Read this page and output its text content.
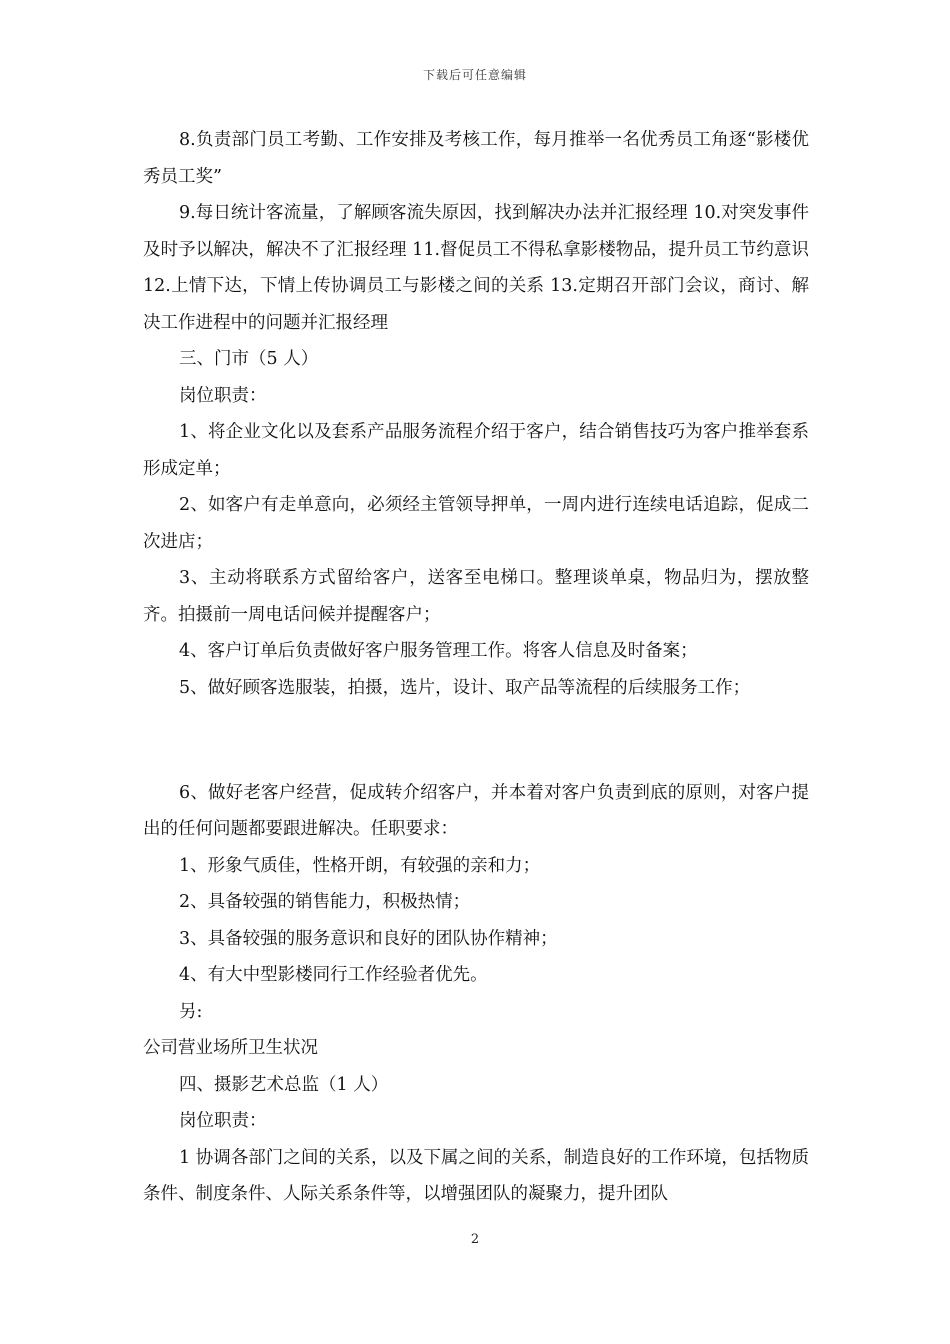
下载后可任意编辑

8.负责部门员工考勤、工作安排及考核工作，每月推举一名优秀员工角逐“影楼优秀员工奖”

9.每日统计客流量，了解顾客流失原因，找到解决办法并汇报经理 10.对突发事件及时予以解决，解决不了汇报经理 11.督促员工不得私拿影楼物品，提升员工节约意识 12.上情下达，下情上传协调员工与影楼之间的关系 13.定期召开部门会议，商讨、解决工作进程中的问题并汇报经理

三、门市（5 人）

岗位职责：

1、将企业文化以及套系产品服务流程介绍于客户，结合销售技巧为客户推举套系形成定单；

2、如客户有走单意向，必须经主管领导押单，一周内进行连续电话追踪，促成二次进店；

3、主动将联系方式留给客户，送客至电梯口。整理谈单桌，物品归为，摆放整齐。拍摄前一周电话问候并提醒客户；

4、客户订单后负责做好客户服务管理工作。将客人信息及时备案；

5、做好顾客选服装，拍摄，选片，设计、取产品等流程的后续服务工作；

6、做好老客户经营，促成转介绍客户，并本着对客户负责到底的原则，对客户提出的任何问题都要跟进解决。任职要求：

1、形象气质佳，性格开朗，有较强的亲和力；

2、具备较强的销售能力，积极热情；

3、具备较强的服务意识和良好的团队协作精神；

4、有大中型影楼同行工作经验者优先。

另:

公司营业场所卫生状况

四、摄影艺术总监（1 人）

岗位职责：

1 协调各部门之间的关系，以及下属之间的关系，制造良好的工作环境，包括物质条件、制度条件、人际关系条件等，以增强团队的凝聚力，提升团队

2
